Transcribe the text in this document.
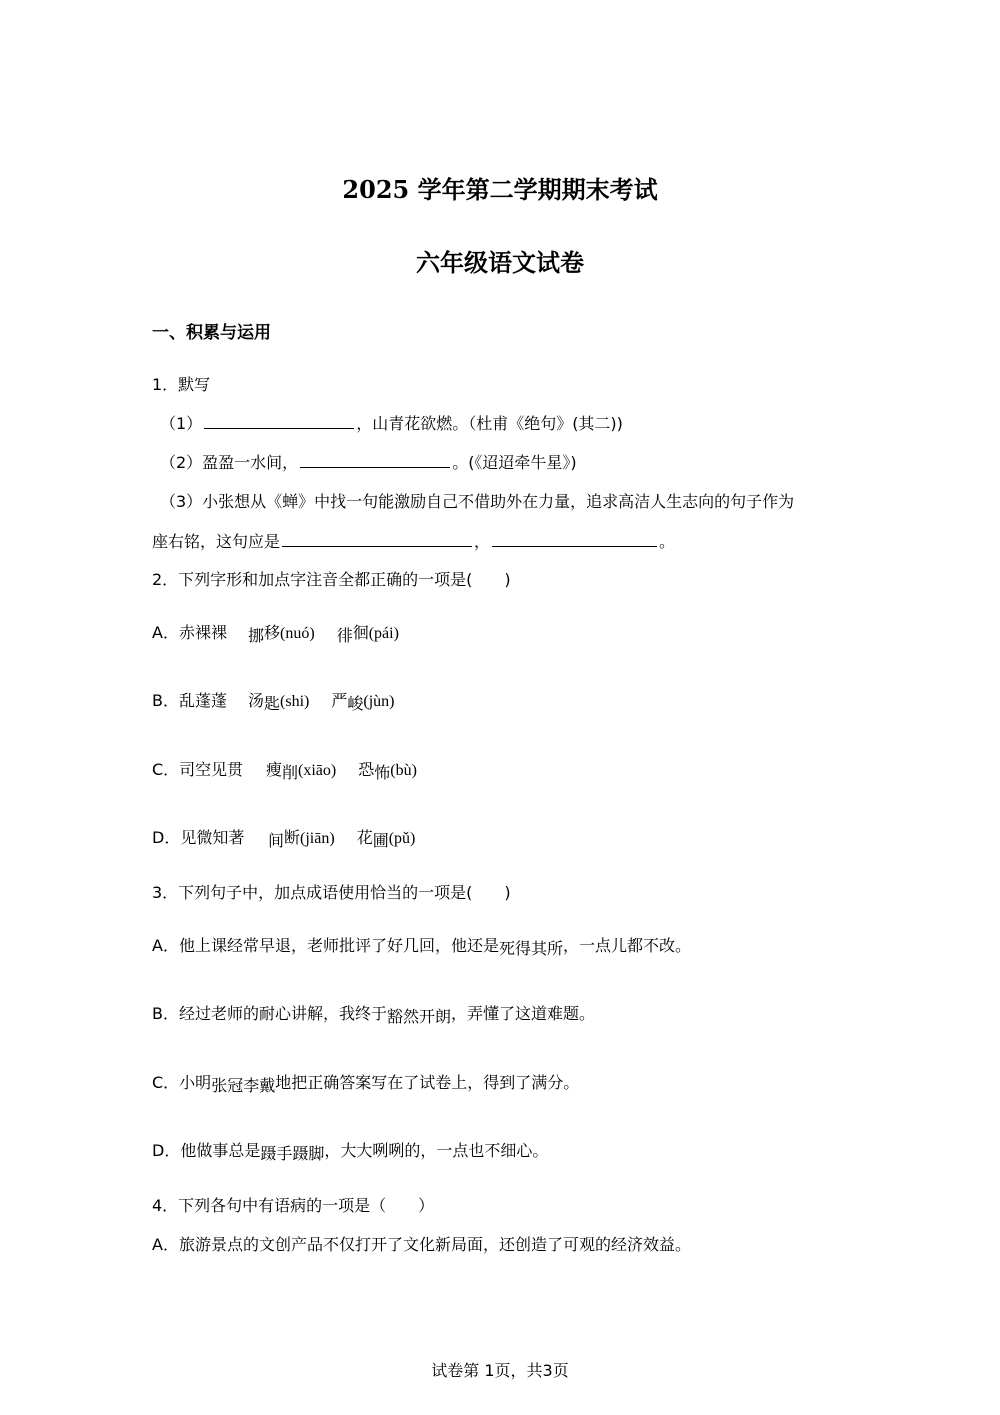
2025 学年第二学期期末考试
六年级语文试卷
一、积累与运用
1．默写
（1）	，山青花欲燃。（杜甫《绝句》(其二))
（2）盈盈一水间，	。(《迢迢牵牛星》)
（3）小张想从《蝉》中找一句能激励自己不借助外在力量，追求高洁人生志向的句子作为
座右铭，这句应是	，	。
2．下列字形和加点字注音全都正确的一项是(　　)
A．赤裸裸 挪移(nuó) 徘徊(pái)
B．乱蓬蓬 汤匙(shi) 严峻(jùn)
C．司空见贯 瘦削(xiāo) 恐怖(bù)
D．见微知著 间断(jiān) 花圃(pǔ)
3．下列句子中，加点成语使用恰当的一项是(　　)
A．他上课经常早退，老师批评了好几回，他还是死得其所，一点儿都不改。
B．经过老师的耐心讲解，我终于豁然开朗，弄懂了这道难题。
C．小明张冠李戴地把正确答案写在了试卷上，得到了满分。
D．他做事总是蹑手蹑脚，大大咧咧的，一点也不细心。
4．下列各句中有语病的一项是（　　）
A．旅游景点的文创产品不仅打开了文化新局面，还创造了可观的经济效益。
试卷第 1页，共3页
